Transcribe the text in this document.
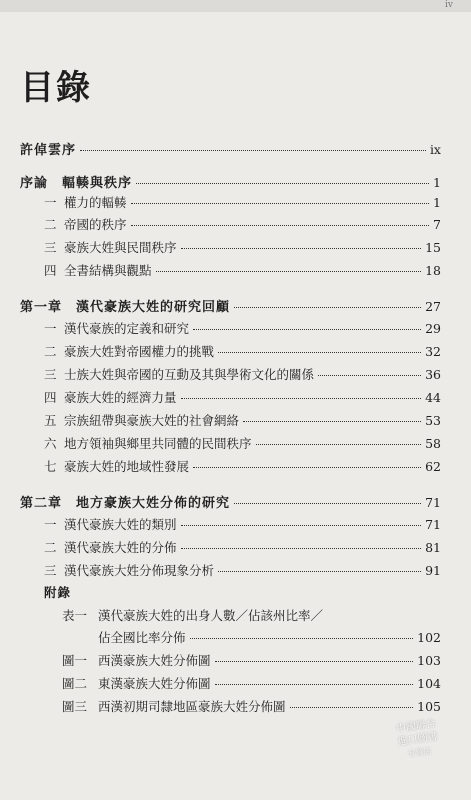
iv
目錄
許倬雲序	ix
序論　輻輳與秩序	1
一 權力的輻輳	1
二 帝國的秩序	7
三 豪族大姓與民間秩序	15
四 全書結構與觀點	18
第一章　漢代豪族大姓的研究回顧	27
一 漢代豪族的定義和研究	29
二 豪族大姓對帝國權力的挑戰	32
三 士族大姓與帝國的互動及其與學術文化的關係	36
四 豪族大姓的經濟力量	44
五 宗族紐帶與豪族大姓的社會網絡	53
六 地方領袖與鄉里共同體的民間秩序	58
七 豪族大姓的地域性發展	62
第二章　地方豪族大姓分佈的研究	71
一 漢代豪族大姓的類別	71
二 漢代豪族大姓的分佈	81
三 漢代豪族大姓分佈現象分析	91
附錄
表一 漢代豪族大姓的出身人數／佔該州比率／
佔全國比率分佈	102
圖一 西漢豪族大姓分佈圖	103
圖二 東漢豪族大姓分佈圖	104
圖三 西漢初期司隸地區豪族大姓分佈圖	105
中國聯合
進口圖書
专营店
